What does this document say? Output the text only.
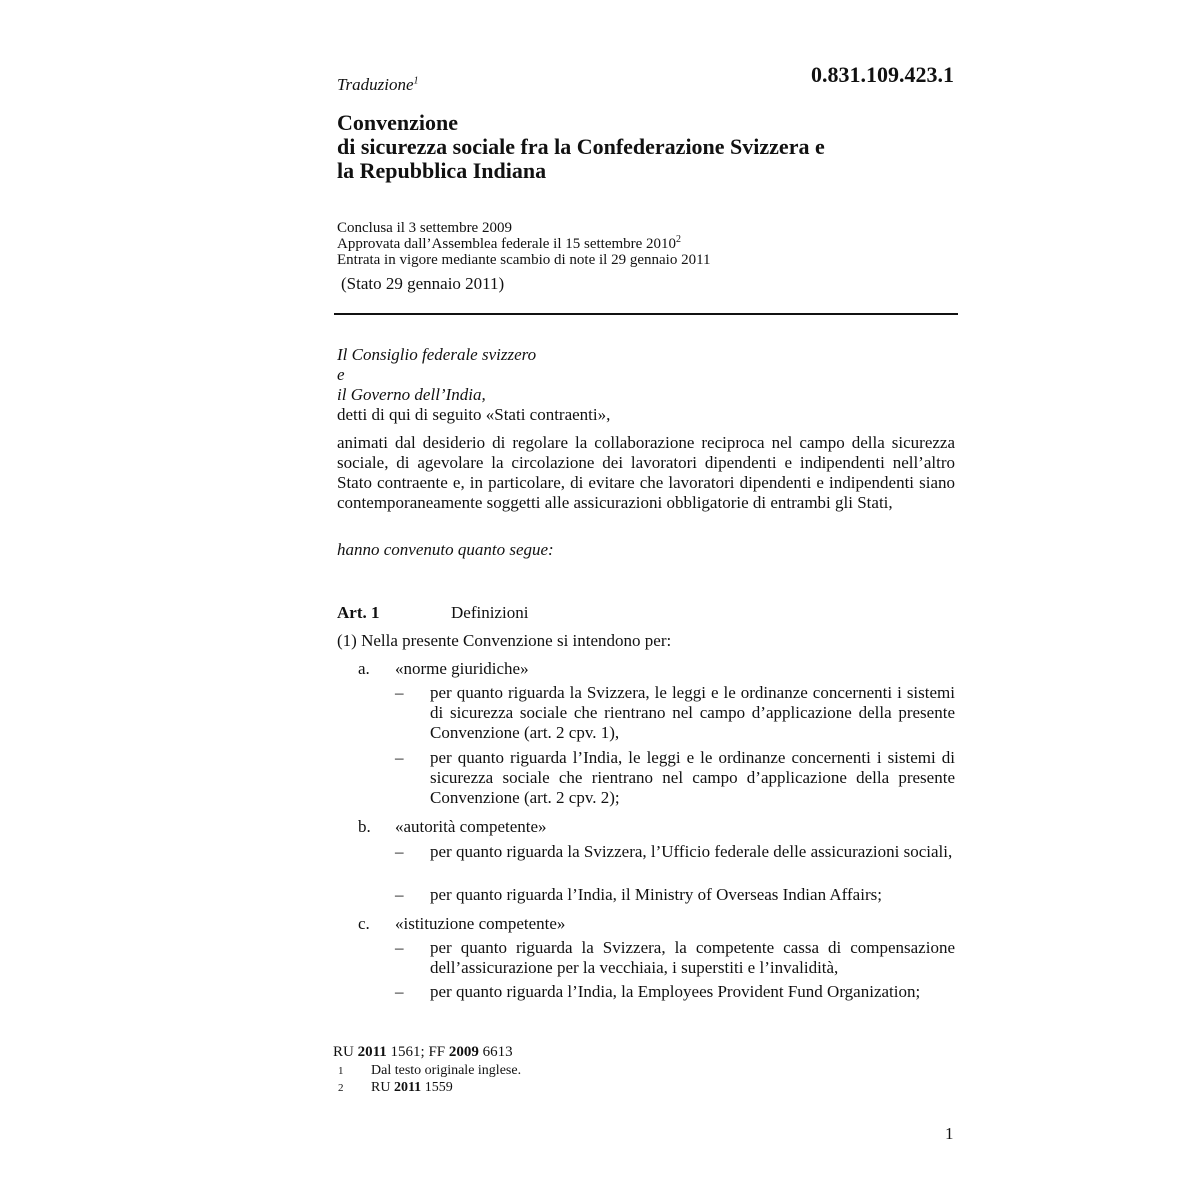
Traduzione$^1$	0.831.109.423.1
Convenzione
di sicurezza sociale fra la Confederazione Svizzera e
la Repubblica Indiana
Conclusa il 3 settembre 2009
Approvata dall’Assemblea federale il 15 settembre 2010$^2$
Entrata in vigore mediante scambio di note il 29 gennaio 2011
(Stato 29 gennaio 2011)
Il Consiglio federale svizzero
e
il Governo dell’India,
detti di qui di seguito «Stati contraenti»,
animati dal desiderio di regolare la collaborazione reciproca nel campo della sicurezza sociale, di agevolare la circolazione dei lavoratori dipendenti e indipendenti nell’altro Stato contraente e, in particolare, di evitare che lavoratori dipendenti e indipendenti siano contemporaneamente soggetti alle assicurazioni obbligatorie di entrambi gli Stati,
hanno convenuto quanto segue:
Art. 1	Definizioni
(1) Nella presente Convenzione si intendono per:
a. «norme giuridiche»
– per quanto riguarda la Svizzera, le leggi e le ordinanze concernenti i sistemi di sicurezza sociale che rientrano nel campo d’applicazione della presente Convenzione (art. 2 cpv. 1),
– per quanto riguarda l’India, le leggi e le ordinanze concernenti i sistemi di sicurezza sociale che rientrano nel campo d’applicazione della presente Convenzione (art. 2 cpv. 2);
b. «autorità competente»
– per quanto riguarda la Svizzera, l’Ufficio federale delle assicurazioni sociali,
– per quanto riguarda l’India, il Ministry of Overseas Indian Affairs;
c. «istituzione competente»
– per quanto riguarda la Svizzera, la competente cassa di compensazione dell’assicurazione per la vecchiaia, i superstiti e l’invalidità,
– per quanto riguarda l’India, la Employees Provident Fund Organization;
RU 2011 1561; FF 2009 6613
$^1$ Dal testo originale inglese.
$^2$ RU 2011 1559
1
